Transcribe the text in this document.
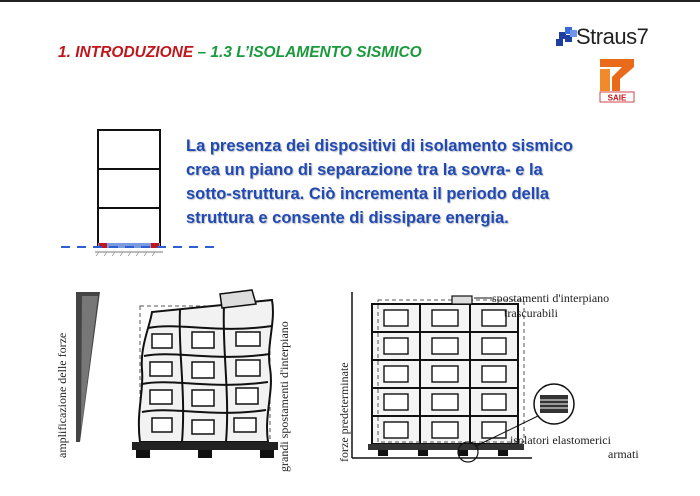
1. INTRODUZIONE – 1.3 L’ISOLAMENTO SISMICO
Straus7
SAIE
La presenza dei dispositivi di isolamento sismico
crea un piano di separazione tra la sovra- e la
sotto-struttura. Ciò incrementa il periodo della
struttura e consente di dissipare energia.
amplificazione delle forze	grandi spostamenti d'interpiano	forze predeterminate
spostamenti d'interpiano
trascurabili
isolatori elastomerici
armati
